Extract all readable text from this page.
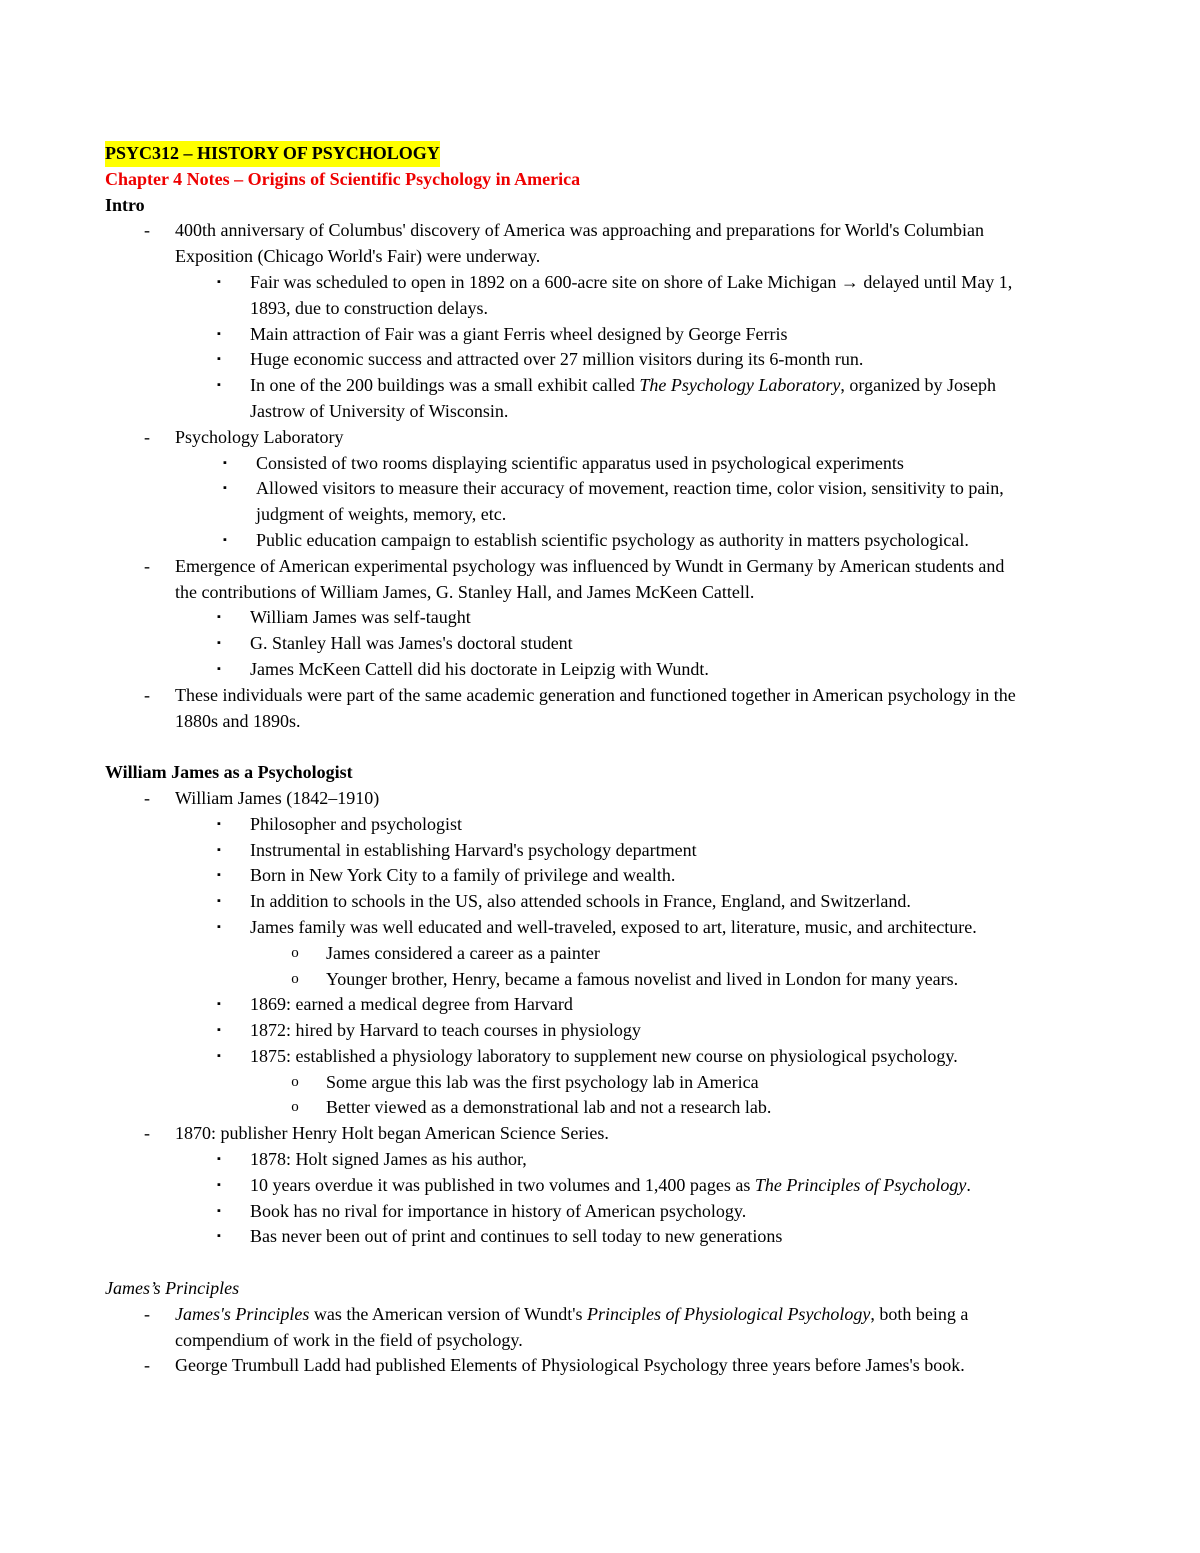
PSYC312 – HISTORY OF PSYCHOLOGY
Chapter 4 Notes – Origins of Scientific Psychology in America
Intro
- 400th anniversary of Columbus' discovery of America was approaching and preparations for World's Columbian
Exposition (Chicago World's Fair) were underway.
▪ Fair was scheduled to open in 1892 on a 600-acre site on shore of Lake Michigan → delayed until May 1,
1893, due to construction delays.
▪ Main attraction of Fair was a giant Ferris wheel designed by George Ferris
▪ Huge economic success and attracted over 27 million visitors during its 6-month run.
▪ In one of the 200 buildings was a small exhibit called The Psychology Laboratory, organized by Joseph
Jastrow of University of Wisconsin.
- Psychology Laboratory
▪ Consisted of two rooms displaying scientific apparatus used in psychological experiments
▪ Allowed visitors to measure their accuracy of movement, reaction time, color vision, sensitivity to pain,
judgment of weights, memory, etc.
▪ Public education campaign to establish scientific psychology as authority in matters psychological.
- Emergence of American experimental psychology was influenced by Wundt in Germany by American students and
the contributions of William James, G. Stanley Hall, and James McKeen Cattell.
▪ William James was self-taught
▪ G. Stanley Hall was James's doctoral student
▪ James McKeen Cattell did his doctorate in Leipzig with Wundt.
- These individuals were part of the same academic generation and functioned together in American psychology in the
1880s and 1890s.
William James as a Psychologist
- William James (1842–1910)
▪ Philosopher and psychologist
▪ Instrumental in establishing Harvard's psychology department
▪ Born in New York City to a family of privilege and wealth.
▪ In addition to schools in the US, also attended schools in France, England, and Switzerland.
▪ James family was well educated and well-traveled, exposed to art, literature, music, and architecture.
o James considered a career as a painter
o Younger brother, Henry, became a famous novelist and lived in London for many years.
▪ 1869: earned a medical degree from Harvard
▪ 1872: hired by Harvard to teach courses in physiology
▪ 1875: established a physiology laboratory to supplement new course on physiological psychology.
o Some argue this lab was the first psychology lab in America
o Better viewed as a demonstrational lab and not a research lab.
- 1870: publisher Henry Holt began American Science Series.
▪ 1878: Holt signed James as his author,
▪ 10 years overdue it was published in two volumes and 1,400 pages as The Principles of Psychology.
▪ Book has no rival for importance in history of American psychology.
▪ Bas never been out of print and continues to sell today to new generations
James’s Principles
- James's Principles was the American version of Wundt's Principles of Physiological Psychology, both being a
compendium of work in the field of psychology.
- George Trumbull Ladd had published Elements of Physiological Psychology three years before James's book.
